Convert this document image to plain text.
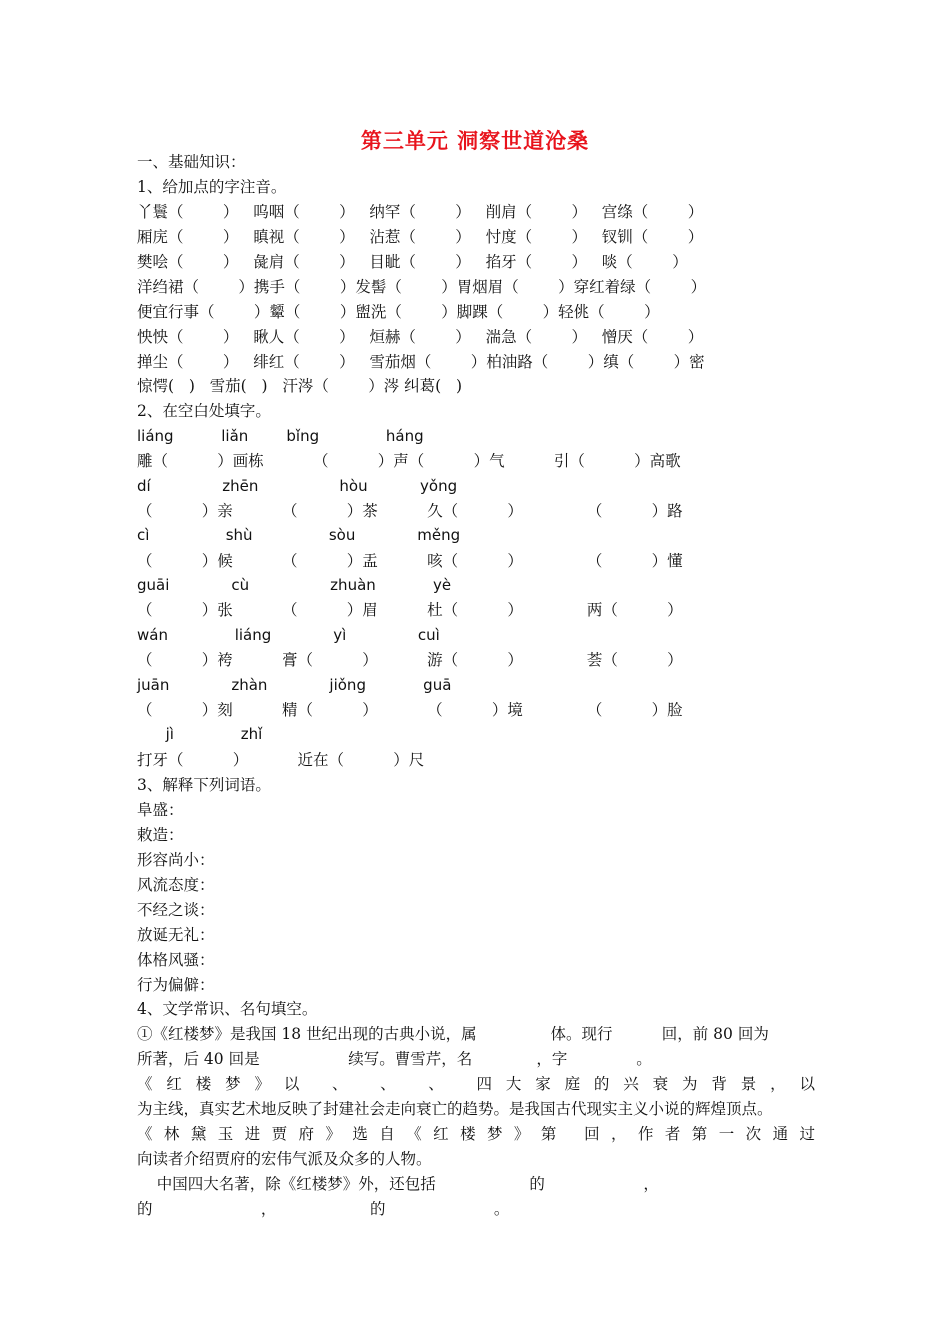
第三单元 洞察世道沧桑
一、基础知识：
1、给加点的字注音。
丫鬟（        ）   呜咽（        ）   纳罕（        ）   削肩（        ）   宫绦（        ）
厢庑（        ）   瞋视（        ）   沾惹（        ）   忖度（        ）   钗钏（        ）
樊哙（        ）   彘肩（        ）   目眦（        ）   掐牙（        ）   啖（        ）
洋绉裙（        ）携手（        ）发髻（        ）胃烟眉（        ）穿红着绿（        ）
便宜行事（        ）颦（        ）盥洗（        ）脚踝（        ）轻佻（        ）
怏怏（        ）   瞅人（        ）   烜赫（        ）   湍急（        ）   憎厌（        ）
掸尘（        ）   绯红（        ）   雪茄烟（        ）柏油路（        ）缜（        ）密
惊愕(   )   雪茄(   )   汗涔（        ）涔 纠葛(   )
2、在空白处填字。
liáng          liǎn        bǐng              háng
雕（          ）画栋          （          ）声（          ）气          引（          ）高歌
dí               zhēn                 hòu           yǒng
（          ）亲          （          ）茶          久（          ）             （          ）路
cì                shù                sòu             měng
（          ）候          （          ）盂          咳（          ）             （          ）懂
guāi             cù                 zhuàn            yè
（          ）张          （          ）眉          杜（          ）             两（          ）
wán              liáng             yì               cuì
（          ）袴          膏（          ）          游（          ）             荟（          ）
juān             zhàn             jiǒng            guā
（          ）刻          精（          ）          （          ）境             （          ）脸
jì              zhǐ
打牙（          ）          近在（          ）尺
3、解释下列词语。
阜盛：
敕造：
形容尚小：
风流态度：
不经之谈：
放诞无礼：
体格风骚：
行为偏僻：
4、文学常识、名句填空。
①《红楼梦》是我国 18 世纪出现的古典小说，属               体。现行          回，前 80 回为
所著，后 40 回是                  续写。曹雪芹，名             ，字              。
《红楼梦》以 、 、 、 四大家庭的兴衰为背景，以
为主线，真实艺术地反映了封建社会走向衰亡的趋势。是我国古代现实主义小说的辉煌顶点。
《林黛玉进贾府》选自《红楼梦》第 回，作者第一次通过
向读者介绍贾府的宏伟气派及众多的人物。
中国四大名著，除《红楼梦》外，还包括                   的                    ，
的                      ，                   的                      。
